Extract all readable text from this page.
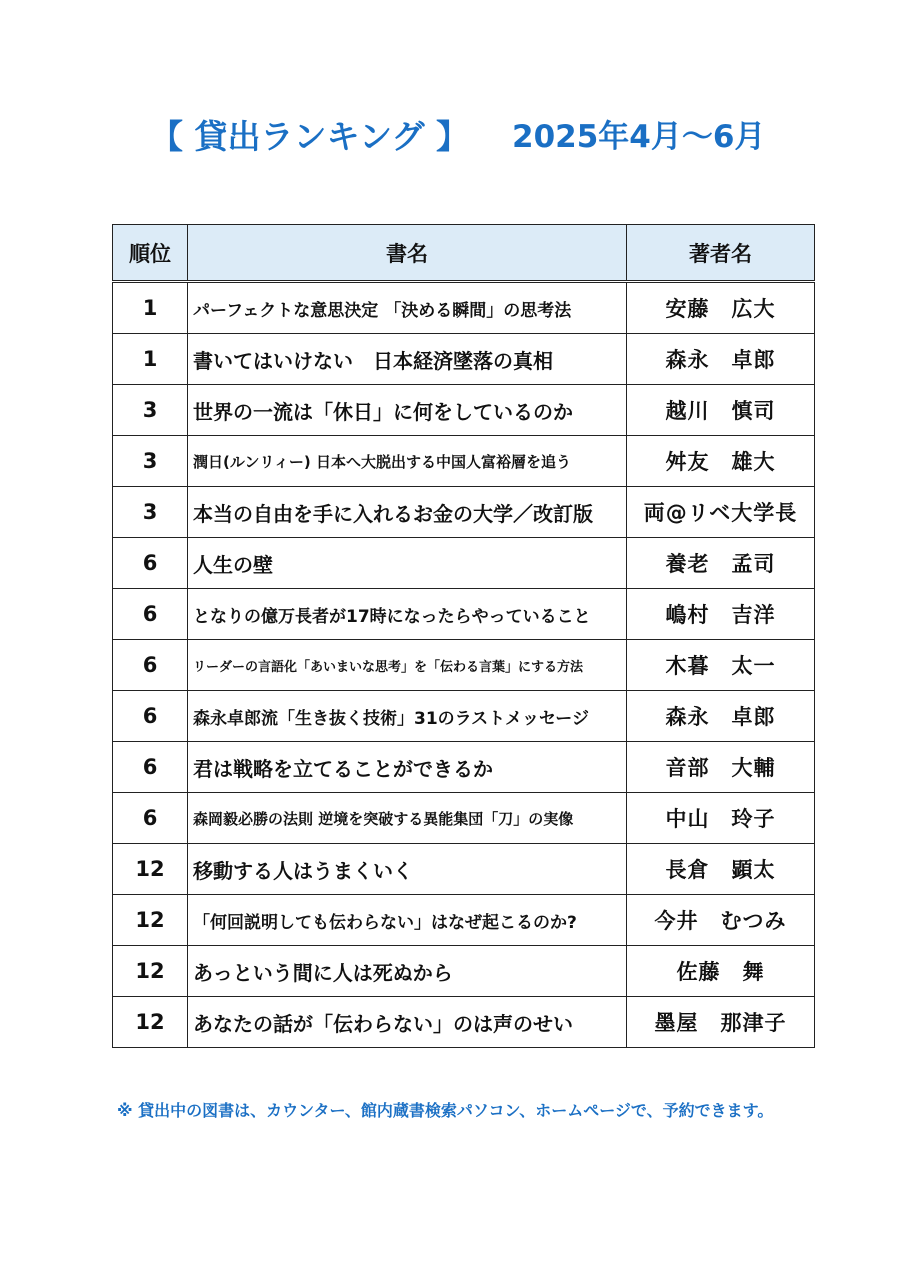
【 貸出ランキング 】 2025年4月～6月
順位	書名	著者名
1	パーフェクトな意思決定 「決める瞬間」の思考法	安藤　広大
1	書いてはいけない　日本経済墜落の真相	森永　卓郎
3	世界の一流は「休日」に何をしているのか	越川　慎司
3	潤日(ルンリィー) 日本へ大脱出する中国人富裕層を追う	舛友　雄大
3	本当の自由を手に入れるお金の大学／改訂版	両@リベ大学長
6	人生の壁	養老　孟司
6	となりの億万長者が17時になったらやっていること	嶋村　吉洋
6	リーダーの言語化「あいまいな思考」を「伝わる言葉」にする方法	木暮　太一
6	森永卓郎流「生き抜く技術」31のラストメッセージ	森永　卓郎
6	君は戦略を立てることができるか	音部　大輔
6	森岡毅必勝の法則 逆境を突破する異能集団「刀」の実像	中山　玲子
12	移動する人はうまくいく	長倉　顕太
12	「何回説明しても伝わらない」はなぜ起こるのか?	今井　むつみ
12	あっという間に人は死ぬから	佐藤　舞
12	あなたの話が「伝わらない」のは声のせい	墨屋　那津子
※ 貸出中の図書は、カウンター、館内蔵書検索パソコン、ホームページで、予約できます。
